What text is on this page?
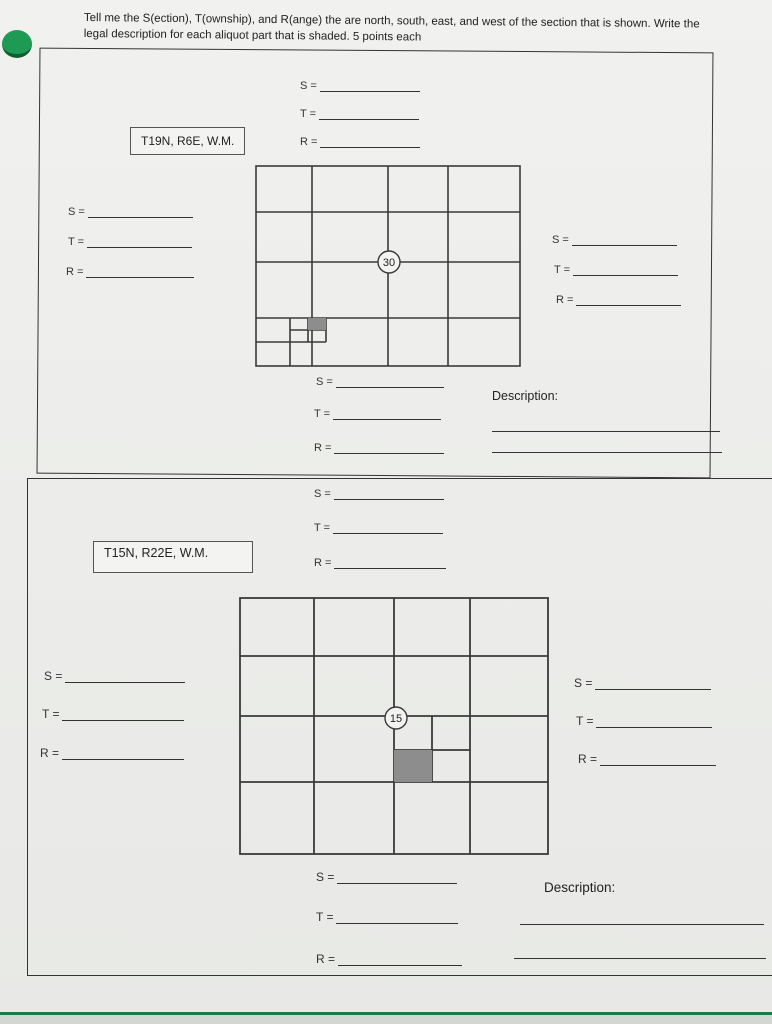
Tell me the S(ection), T(ownship), and R(ange) the are north, south, east, and west of the section that is shown. Write the legal description for each aliquot part that is shaded. 5 points each
T19N, R6E, W.M.
S =
T =
R =
S =
T =
R =
S =
T =
R =
30
S =
T =
R =
Description:
T15N, R22E, W.M.
S =
T =
R =
S =
T =
R =
S =
T =
R =
15
S =
T =
R =
Description:
